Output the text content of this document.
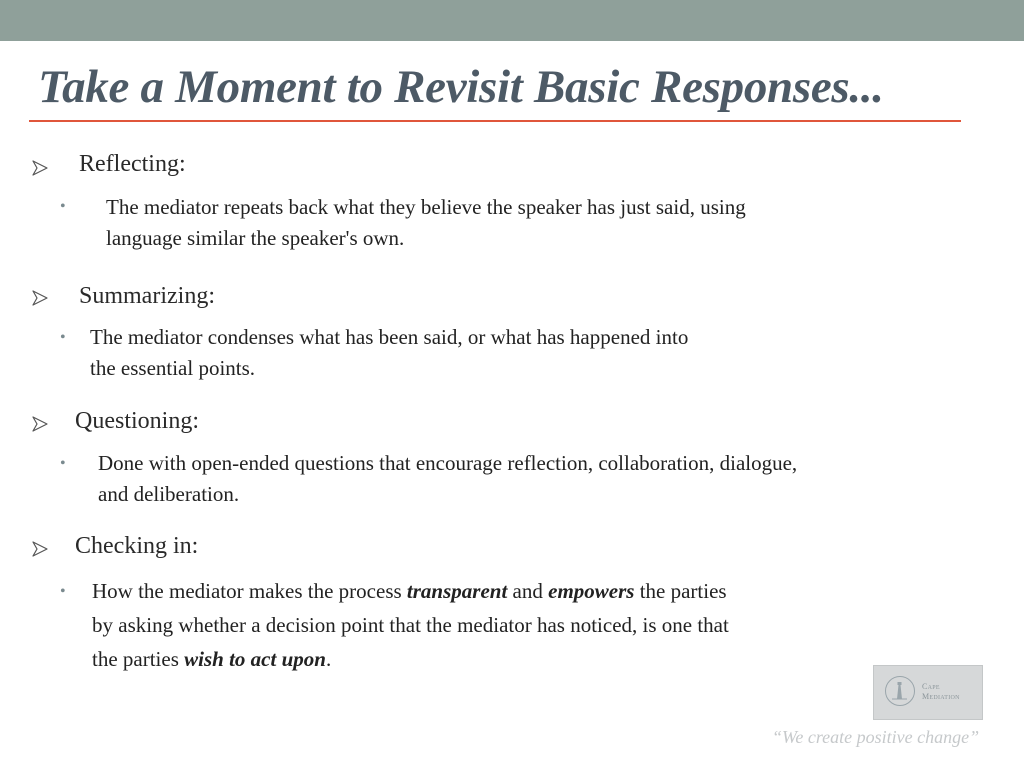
Take a Moment to Revisit Basic Responses...
Reflecting:
• The mediator repeats back what they believe the speaker has just said, using
language similar the speaker's own.
Summarizing:
• The mediator condenses what has been said, or what has happened into
the essential points.
Questioning:
• Done with open-ended questions that encourage reflection, collaboration, dialogue,
and deliberation.
Checking in:
• How the mediator makes the process transparent and empowers the parties
by asking whether a decision point that the mediator has noticed, is one that
the parties wish to act upon.
Cape
Mediation
“We create positive change”
